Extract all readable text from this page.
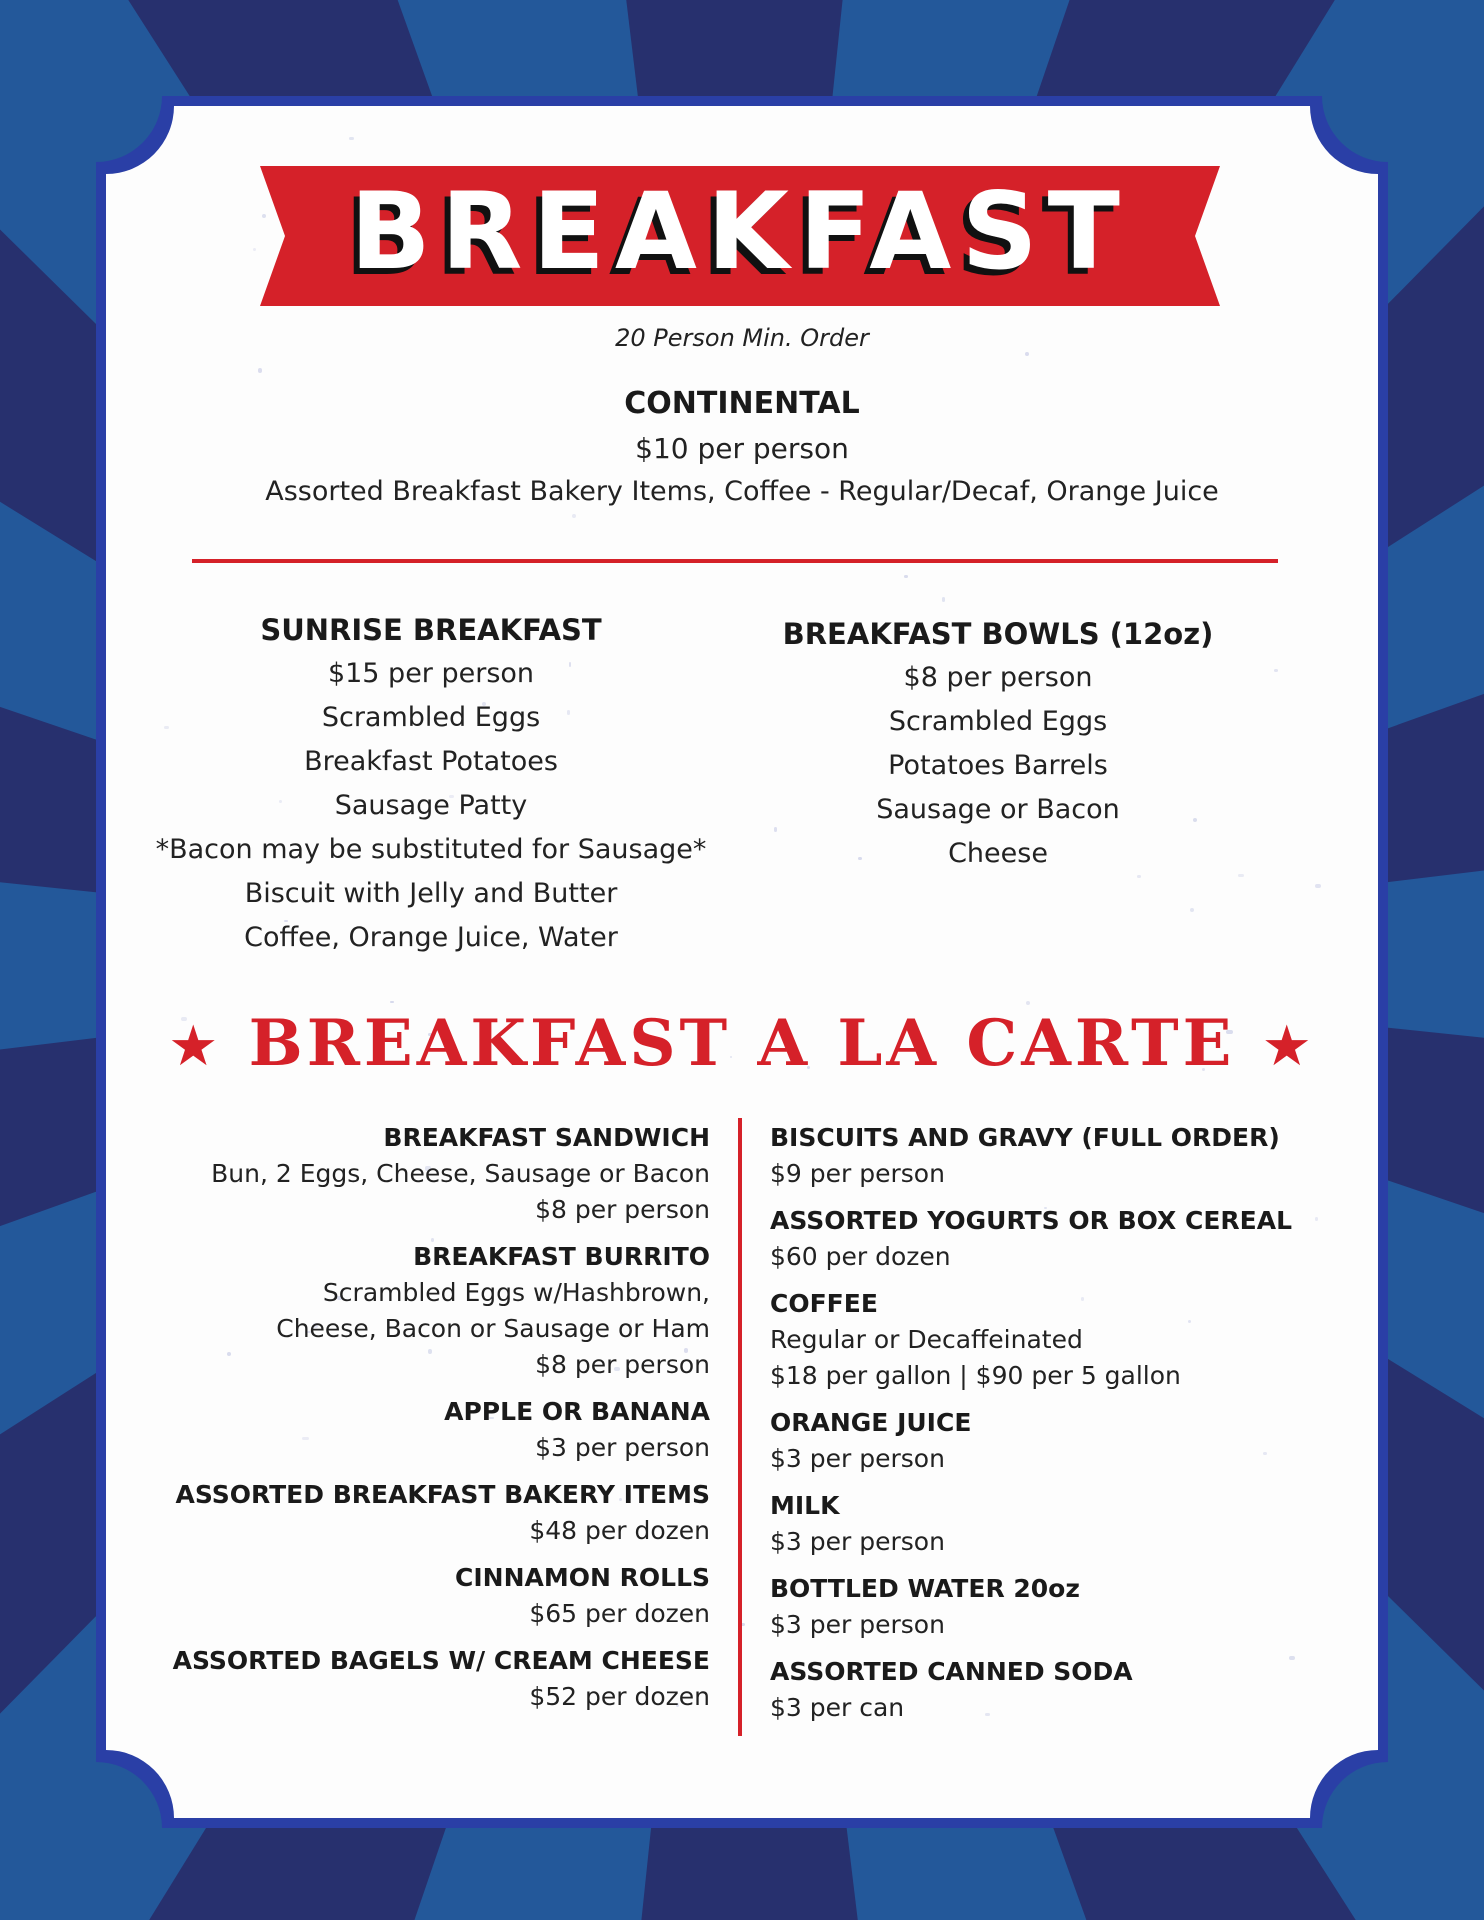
BREAKFAST
20 Person Min. Order
CONTINENTAL
$10 per person
Assorted Breakfast Bakery Items, Coffee - Regular/Decaf, Orange Juice
SUNRISE BREAKFAST
$15 per person
Scrambled Eggs
Breakfast Potatoes
Sausage Patty
*Bacon may be substituted for Sausage*
Biscuit with Jelly and Butter
Coffee, Orange Juice, Water
BREAKFAST BOWLS (12oz)
$8 per person
Scrambled Eggs
Potatoes Barrels
Sausage or Bacon
Cheese
★ BREAKFAST A LA CARTE ★
BREAKFAST SANDWICH
Bun, 2 Eggs, Cheese, Sausage or Bacon
$8 per person
BREAKFAST BURRITO
Scrambled Eggs w/Hashbrown,
Cheese, Bacon or Sausage or Ham
$8 per person
APPLE OR BANANA
$3 per person
ASSORTED BREAKFAST BAKERY ITEMS
$48 per dozen
CINNAMON ROLLS
$65 per dozen
ASSORTED BAGELS W/ CREAM CHEESE
$52 per dozen
BISCUITS AND GRAVY (FULL ORDER)
$9 per person
ASSORTED YOGURTS OR BOX CEREAL
$60 per dozen
COFFEE
Regular or Decaffeinated
$18 per gallon | $90 per 5 gallon
ORANGE JUICE
$3 per person
MILK
$3 per person
BOTTLED WATER 20oz
$3 per person
ASSORTED CANNED SODA
$3 per can
